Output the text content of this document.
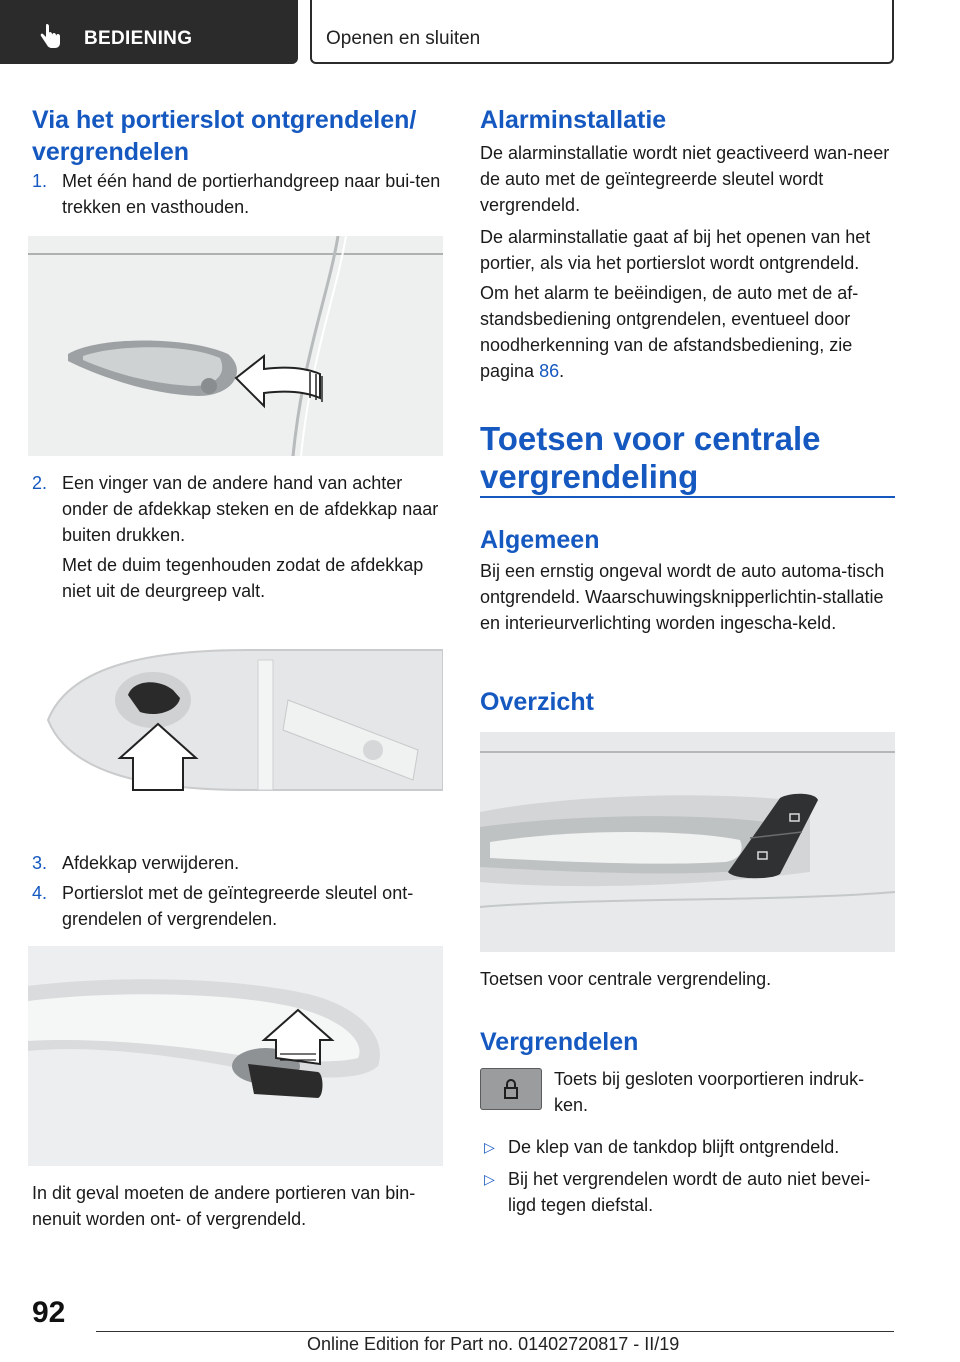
BEDIENING	Openen en sluiten
Via het portierslot ontgrendelen/ vergrendelen
1. Met één hand de portierhandgreep naar bui-ten trekken en vasthouden.
2. Een vinger van de andere hand van achter onder de afdekkap steken en de afdekkap naar buiten drukken.
Met de duim tegenhouden zodat de afdekkap niet uit de deurgreep valt.
3. Afdekkap verwijderen.
4. Portierslot met de geïntegreerde sleutel ont-grendelen of vergrendelen.
In dit geval moeten de andere portieren van bin-nenuit worden ont- of vergrendeld.
Alarminstallatie
De alarminstallatie wordt niet geactiveerd wan-neer de auto met de geïntegreerde sleutel wordt vergrendeld.
De alarminstallatie gaat af bij het openen van het portier, als via het portierslot wordt ontgrendeld.
Om het alarm te beëindigen, de auto met de af-standsbediening ontgrendelen, eventueel door noodherkenning van de afstandsbediening, zie pagina 86.
Toetsen voor centrale vergrendeling
Algemeen
Bij een ernstig ongeval wordt de auto automa-tisch ontgrendeld. Waarschuwingsknipperlichtin-stallatie en interieurverlichting worden ingescha-keld.
Overzicht
Toetsen voor centrale vergrendeling.
Vergrendelen
Toets bij gesloten voorportieren indruk-ken.
▷ De klep van de tankdop blijft ontgrendeld.
▷ Bij het vergrendelen wordt de auto niet bevei-ligd tegen diefstal.
92
Online Edition for Part no. 01402720817 - II/19
